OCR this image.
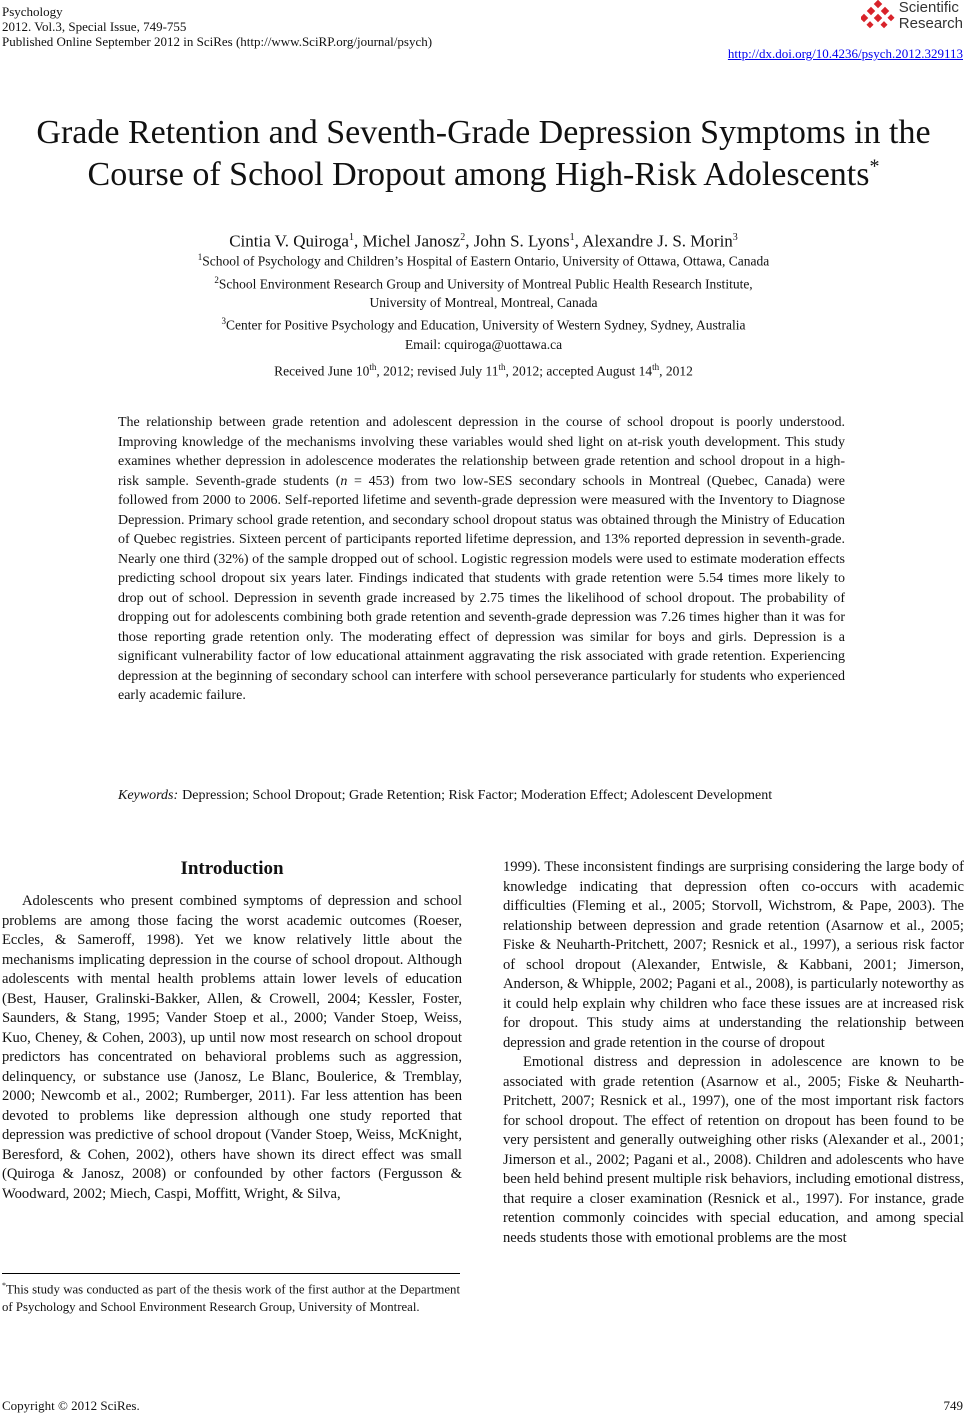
Psychology
2012. Vol.3, Special Issue, 749-755
Published Online September 2012 in SciRes (http://www.SciRP.org/journal/psych)
Scientific
Research
http://dx.doi.org/10.4236/psych.2012.329113
Grade Retention and Seventh-Grade Depression Symptoms in the
Course of School Dropout among High-Risk Adolescents*
Cintia V. Quiroga$^1$, Michel Janosz$^2$, John S. Lyons$^1$, Alexandre J. S. Morin$^3$
$^1$School of Psychology and Children’s Hospital of Eastern Ontario, University of Ottawa, Ottawa, Canada
$^2$School Environment Research Group and University of Montreal Public Health Research Institute,
University of Montreal, Montreal, Canada
$^3$Center for Positive Psychology and Education, University of Western Sydney, Sydney, Australia
Email: cquiroga@uottawa.ca
Received June 10th, 2012; revised July 11th, 2012; accepted August 14th, 2012
The relationship between grade retention and adolescent depression in the course of school dropout is poorly understood. Improving knowledge of the mechanisms involving these variables would shed light on at-risk youth development. This study examines whether depression in adolescence moderates the relationship between grade retention and school dropout in a high-risk sample. Seventh-grade students (n = 453) from two low-SES secondary schools in Montreal (Quebec, Canada) were followed from 2000 to 2006. Self-reported lifetime and seventh-grade depression were measured with the Inventory to Diagnose Depression. Primary school grade retention, and secondary school dropout status was obtained through the Ministry of Education of Quebec registries. Sixteen percent of participants reported lifetime depression, and 13% reported depression in seventh-grade. Nearly one third (32%) of the sample dropped out of school. Logistic regression models were used to estimate moderation effects predicting school dropout six years later. Findings indicated that students with grade retention were 5.54 times more likely to drop out of school. Depression in seventh grade increased by 2.75 times the likelihood of school dropout. The probability of dropping out for adolescents combining both grade retention and seventh-grade depression was 7.26 times higher than it was for those reporting grade retention only. The moderating effect of depression was similar for boys and girls. Depression is a significant vulnerability factor of low educational attainment aggravating the risk associated with grade retention. Experiencing depression at the beginning of secondary school can interfere with school perseverance particularly for students who experienced early academic failure.
Keywords: Depression; School Dropout; Grade Retention; Risk Factor; Moderation Effect; Adolescent Development
Introduction

Adolescents who present combined symptoms of depression and school problems are among those facing the worst academic outcomes (Roeser, Eccles, & Sameroff, 1998). Yet we know relatively little about the mechanisms implicating depression in the course of school dropout. Although adolescents with mental health problems attain lower levels of education (Best, Hauser, Gralinski-Bakker, Allen, & Crowell, 2004; Kessler, Foster, Saunders, & Stang, 1995; Vander Stoep et al., 2000; Vander Stoep, Weiss, Kuo, Cheney, & Cohen, 2003), up until now most research on school dropout predictors has concentrated on behavioral problems such as aggression, delinquency, or substance use (Janosz, Le Blanc, Boulerice, & Tremblay, 2000; Newcomb et al., 2002; Rumberger, 2011). Far less attention has been devoted to problems like depression although one study reported that depression was predictive of school dropout (Vander Stoep, Weiss, McKnight, Beresford, & Cohen, 2002), others have shown its direct effect was small (Quiroga & Janosz, 2008) or confounded by other factors (Fergusson & Woodward, 2002; Miech, Caspi, Moffitt, Wright, & Silva,

1999). These inconsistent findings are surprising considering the large body of knowledge indicating that depression often co-occurs with academic difficulties (Fleming et al., 2005; Storvoll, Wichstrom, & Pape, 2003). The relationship between depression and grade retention (Asarnow et al., 2005; Fiske & Neuharth-Pritchett, 2007; Resnick et al., 1997), a serious risk factor of school dropout (Alexander, Entwisle, & Kabbani, 2001; Jimerson, Anderson, & Whipple, 2002; Pagani et al., 2008), is particularly noteworthy as it could help explain why children who face these issues are at increased risk for dropout. This study aims at understanding the relationship between depression and grade retention in the course of dropout

Emotional distress and depression in adolescence are known to be associated with grade retention (Asarnow et al., 2005; Fiske & Neuharth-Pritchett, 2007; Resnick et al., 1997), one of the most important risk factors for school dropout. The effect of retention on dropout has been found to be very persistent and generally outweighing other risks (Alexander et al., 2001; Jimerson et al., 2002; Pagani et al., 2008). Children and adolescents who have been held behind present multiple risk behaviors, including emotional distress, that require a closer examination (Resnick et al., 1997). For instance, grade retention commonly coincides with special education, and among special needs students those with emotional problems are the most

*This study was conducted as part of the thesis work of the first author at the Department of Psychology and School Environment Research Group, University of Montreal.
Copyright © 2012 SciRes.	749
